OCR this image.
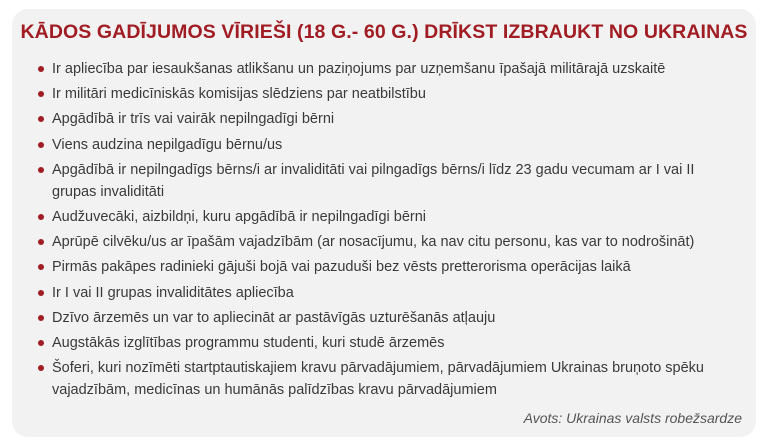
KĀDOS GADĪJUMOS VĪRIEŠI (18 G.- 60 G.) DRĪKST IZBRAUKT NO UKRAINAS
Ir apliecība par iesaukšanas atlikšanu un paziņojums par uzņemšanu īpašajā militārajā uzskaitē
Ir militāri medicīniskās komisijas slēdziens par neatbilstību
Apgādībā ir trīs vai vairāk nepilngadīgi bērni
Viens audzina nepilgadīgu bērnu/us
Apgādībā ir nepilngadīgs bērns/i ar invaliditāti vai pilngadīgs bērns/i līdz 23 gadu vecumam ar I vai II grupas invaliditāti
Audžuvecāki, aizbildņi, kuru apgādībā ir nepilngadīgi bērni
Aprūpē cilvēku/us ar īpašām vajadzībām (ar nosacījumu, ka nav citu personu, kas var to nodrošināt)
Pirmās pakāpes radinieki gājuši bojā vai pazuduši bez vēsts pretterorisma operācijas laikā
Ir I vai II grupas invaliditātes apliecība
Dzīvo ārzemēs un var to apliecināt ar pastāvīgās uzturēšanās atļauju
Augstākās izglītības programmu studenti, kuri studē ārzemēs
Šoferi, kuri nozīmēti startptautiskajiem kravu pārvadājumiem, pārvadājumiem Ukrainas bruņoto spēku vajadzībām, medicīnas un humānās palīdzības kravu pārvadājumiem
Avots: Ukrainas valsts robežsardze
